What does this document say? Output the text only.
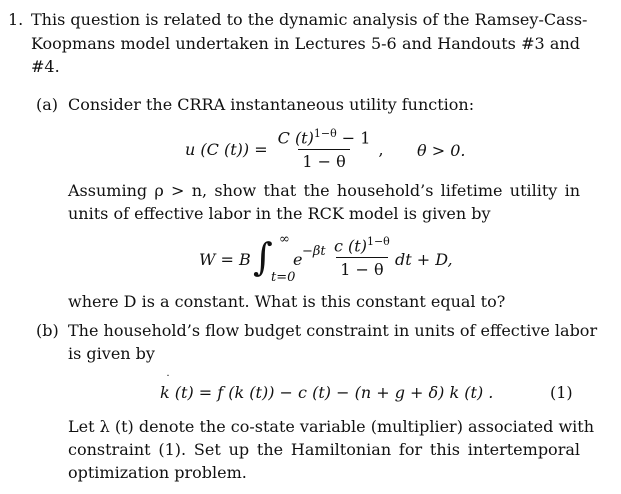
1. This question is related to the dynamic analysis of the Ramsey-Cass-
Koopmans model undertaken in Lectures 5-6 and Handouts #3 and
#4.
(a) Consider the CRRA instantaneous utility function:
u (C $(t)) = \frac{C (t)^{1-\theta} - 1}{1 - \theta}$ , θ > 0.
Assuming ρ > n, show that the household’s lifetime utility in
units of effective labor in the RCK model is given by
W = B ∫ ∞
t=0
$e -\beta t \frac{c (t)^{1-\theta}}{1 - \theta}$ dt + D,
where D is a constant. What is this constant equal to?
(b) The household’s flow budget constraint in units of effective labor
is given by
k (t) = f (k (t)) − c (t) − (n + g + δ) k (t) .
˙
(1)
Let λ (t) denote the co-state variable (multiplier) associated with
constraint (1). Set up the Hamiltonian for this intertemporal
optimization problem.
